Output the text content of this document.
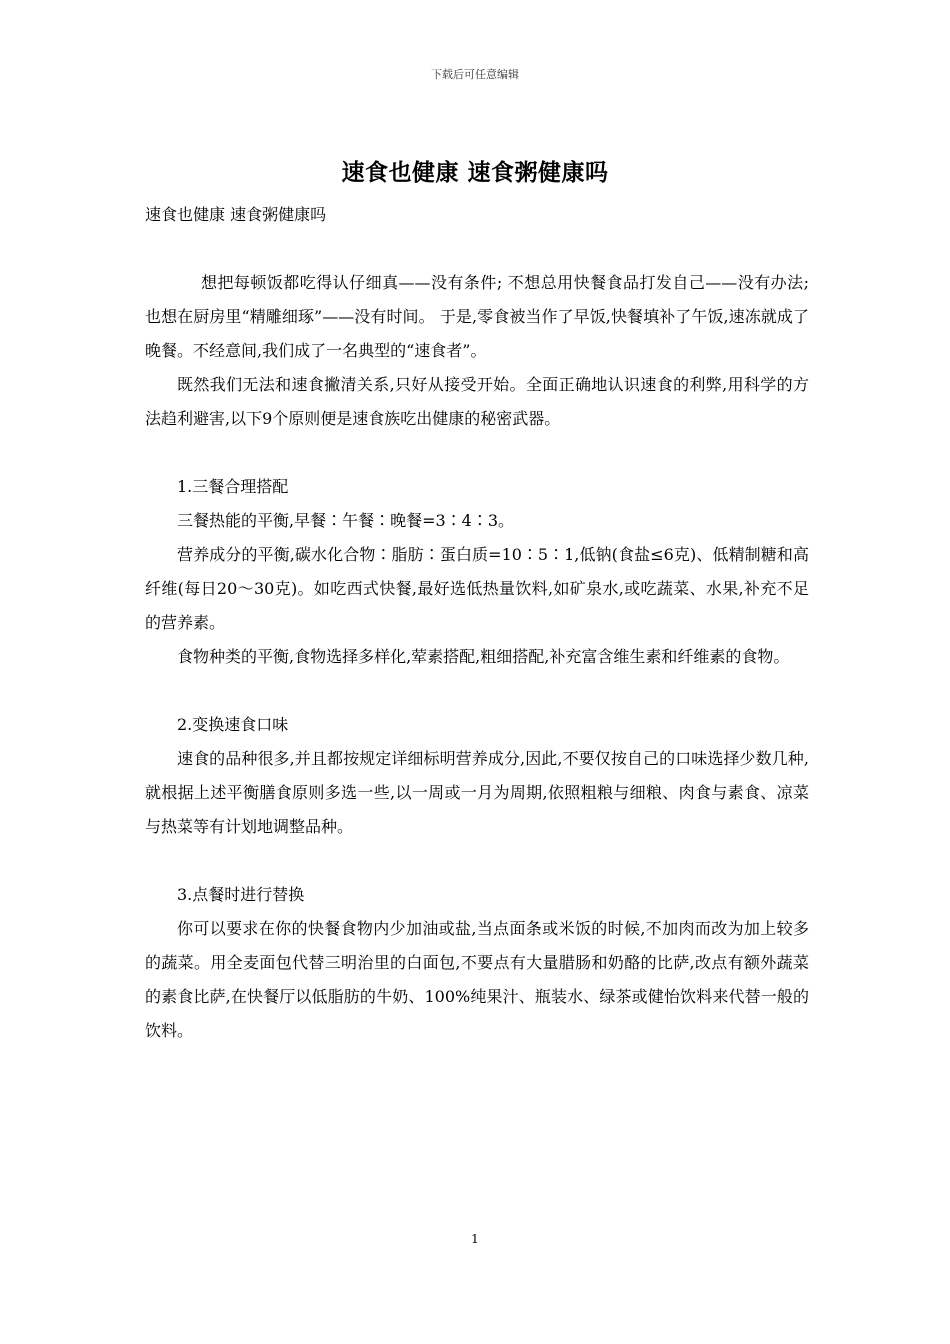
下载后可任意编辑
速食也健康 速食粥健康吗

速食也健康 速食粥健康吗

想把每顿饭都吃得认仔细真——没有条件; 不想总用快餐食品打发自己——没有办法; 也想在厨房里“精雕细琢”——没有时间。 于是,零食被当作了早饭,快餐填补了午饭,速冻就成了晚餐。不经意间,我们成了一名典型的“速食者”。

既然我们无法和速食撇清关系,只好从接受开始。全面正确地认识速食的利弊,用科学的方法趋利避害,以下9个原则便是速食族吃出健康的秘密武器。

1.三餐合理搭配

三餐热能的平衡,早餐∶午餐∶晚餐=3∶4∶3。

营养成分的平衡,碳水化合物∶脂肪∶蛋白质=10∶5∶1,低钠(食盐≤6克)、低精制糖和高纤维(每日20～30克)。如吃西式快餐,最好选低热量饮料,如矿泉水,或吃蔬菜、水果,补充不足的营养素。

食物种类的平衡,食物选择多样化,荤素搭配,粗细搭配,补充富含维生素和纤维素的食物。

2.变换速食口味

速食的品种很多,并且都按规定详细标明营养成分,因此,不要仅按自己的口味选择少数几种,就根据上述平衡膳食原则多选一些,以一周或一月为周期,依照粗粮与细粮、肉食与素食、凉菜与热菜等有计划地调整品种。

3.点餐时进行替换

你可以要求在你的快餐食物内少加油或盐,当点面条或米饭的时候,不加肉而改为加上较多的蔬菜。用全麦面包代替三明治里的白面包,不要点有大量腊肠和奶酪的比萨,改点有额外蔬菜的素食比萨,在快餐厅以低脂肪的牛奶、100%纯果汁、瓶装水、绿茶或健怡饮料来代替一般的饮料。

1
